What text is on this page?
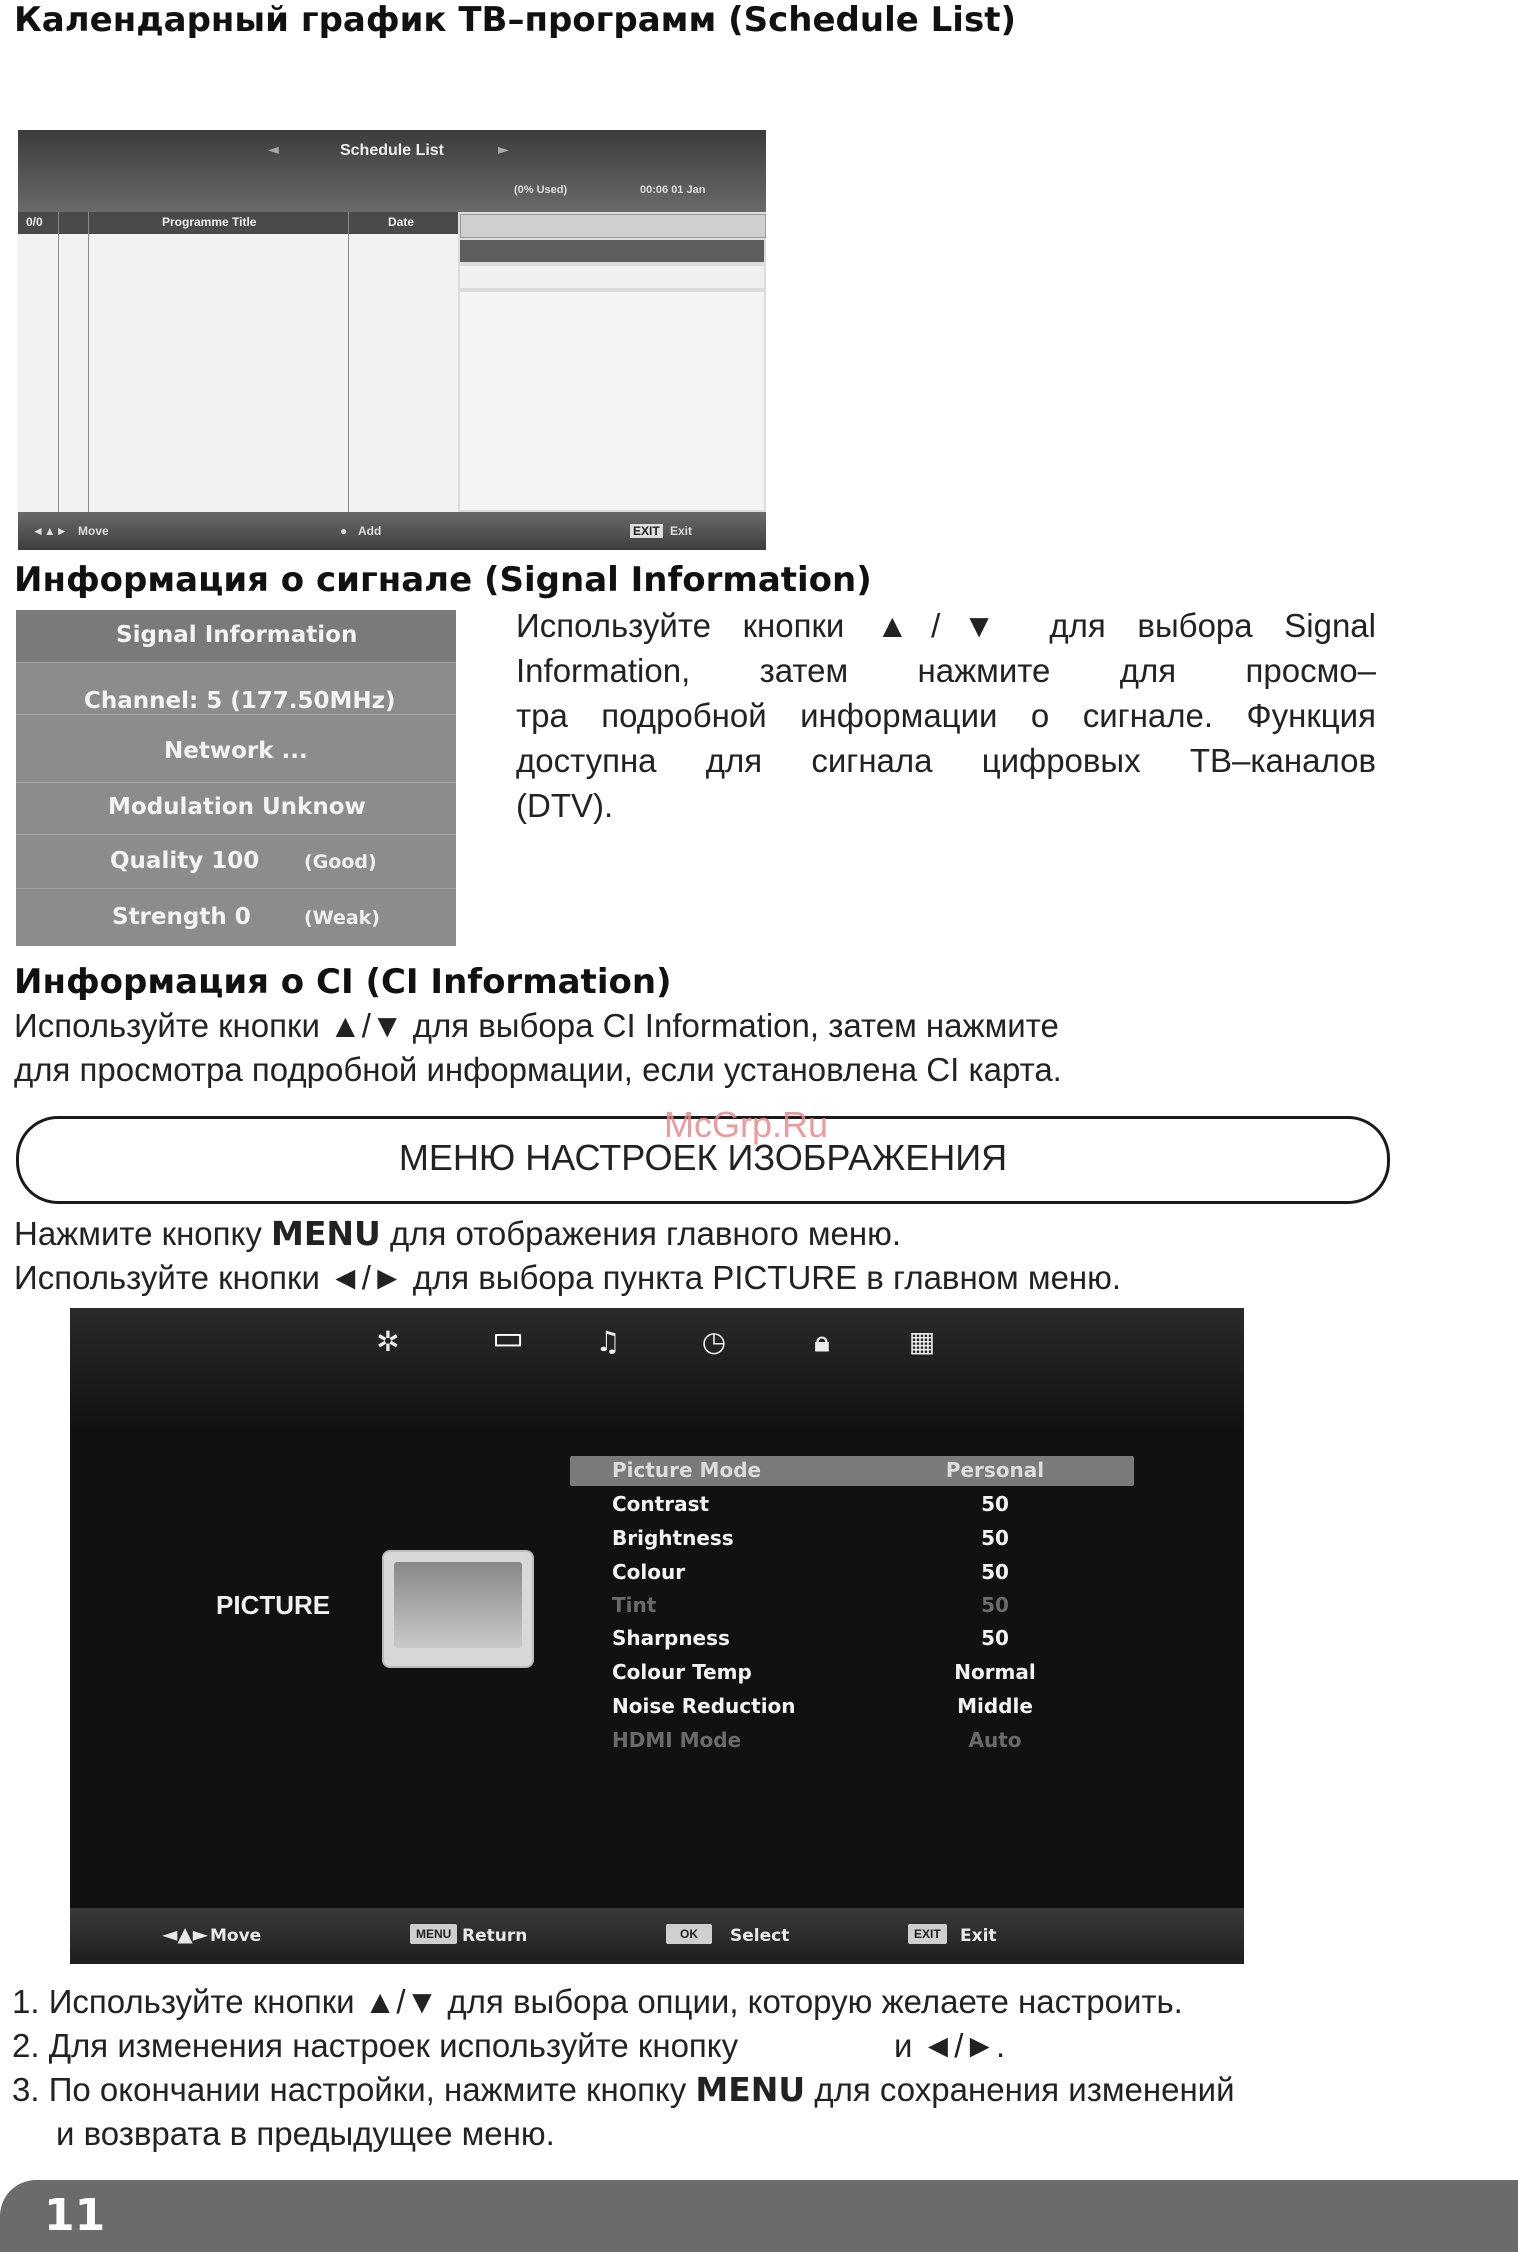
Календарный график ТВ–программ (Schedule List)
◄	Schedule List	►
(0% Used)	00:06 01 Jan
0/0	Programme Title	Date
◄▲► Move	● Add	EXIT Exit
Информация о сигнале (Signal Information)
Signal Information
Channel: 5 (177.50MHz)
Network ...
Modulation Unknow
Quality 100 (Good)
Strength 0	(Weak)
Используйте кнопки ▲/▼ для выбора Signal
Information, затем нажмите для просмо–
тра подробной информации о сигнале. Функция
доступна для сигнала цифровых ТВ–каналов
(DTV).
Информация о CI (CI Information)
Используйте кнопки ▲/▼ для выбора CI Information, затем нажмите
для просмотра подробной информации, если установлена CI карта.
МЕНЮ НАСТРОЕК ИЗОБРАЖЕНИЯ
McGrp.Ru
Нажмите кнопку MENU для отображения главного меню.
Используйте кнопки ◄/► для выбора пункта PICTURE в главном меню.
✲	▭	♫	◷	🔒︎	▦
PICTURE
Picture Mode	Personal
Contrast	50
Brightness	50
Colour	50
Tint	50
Sharpness	50
Colour Temp	Normal
Noise Reduction	Middle
HDMI Mode	Auto
◄▲► Move	MENU Return	OK	Select	EXIT	Exit
1. Используйте кнопки ▲/▼ для выбора опции, которую желаете настроить.
2. Для изменения настроек используйте кнопку                 и ◄/►.
3. По окончании настройки, нажмите кнопку MENU для сохранения изменений
и возврата в предыдущее меню.
11
